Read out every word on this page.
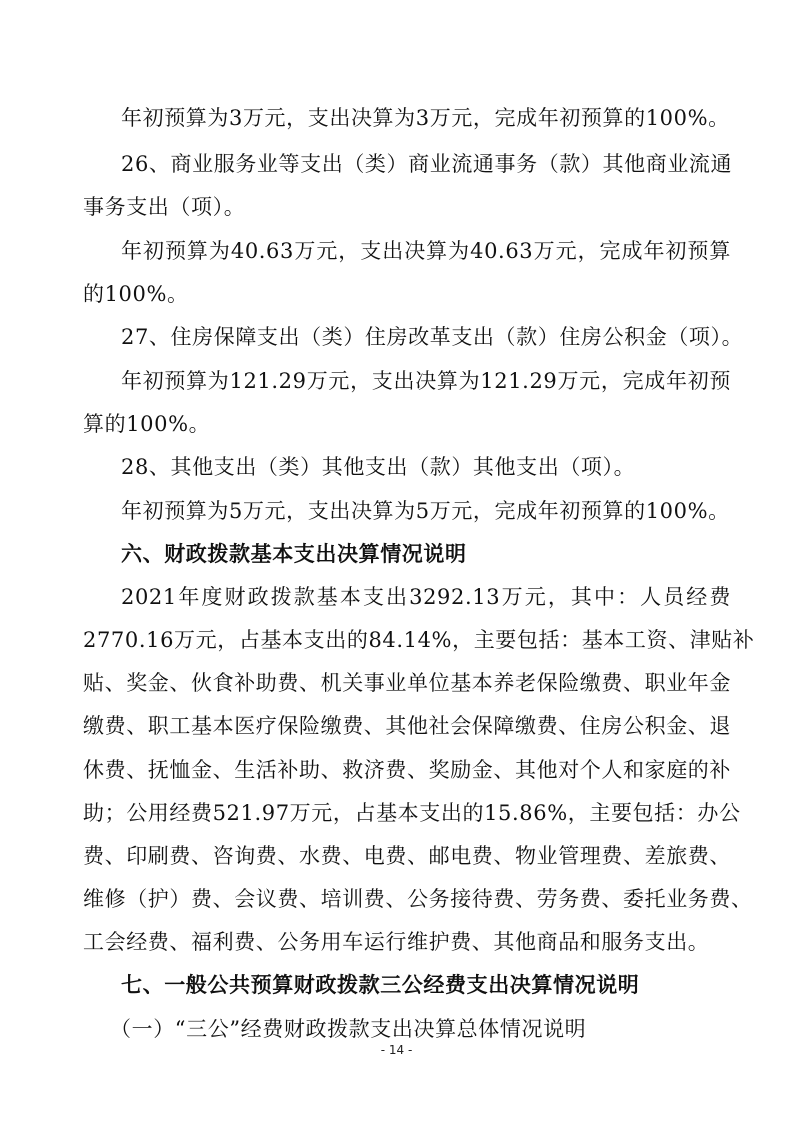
年初预算为3万元，支出决算为3万元，完成年初预算的100%。
26、商业服务业等支出（类）商业流通事务（款）其他商业流通
事务支出（项）。
年初预算为40.63万元，支出决算为40.63万元，完成年初预算
的100%。
27、住房保障支出（类）住房改革支出（款）住房公积金（项）。
年初预算为121.29万元，支出决算为121.29万元，完成年初预
算的100%。
28、其他支出（类）其他支出（款）其他支出（项）。
年初预算为5万元，支出决算为5万元，完成年初预算的100%。
六、财政拨款基本支出决算情况说明
2021年度财政拨款基本支出3292.13万元，其中：人员经费
2770.16万元，占基本支出的84.14%，主要包括：基本工资、津贴补
贴、奖金、伙食补助费、机关事业单位基本养老保险缴费、职业年金
缴费、职工基本医疗保险缴费、其他社会保障缴费、住房公积金、退
休费、抚恤金、生活补助、救济费、奖励金、其他对个人和家庭的补
助；公用经费521.97万元，占基本支出的15.86%，主要包括：办公
费、印刷费、咨询费、水费、电费、邮电费、物业管理费、差旅费、
维修（护）费、会议费、培训费、公务接待费、劳务费、委托业务费、
工会经费、福利费、公务用车运行维护费、其他商品和服务支出。
七、一般公共预算财政拨款三公经费支出决算情况说明
（一）“三公”经费财政拨款支出决算总体情况说明
- 14 -
